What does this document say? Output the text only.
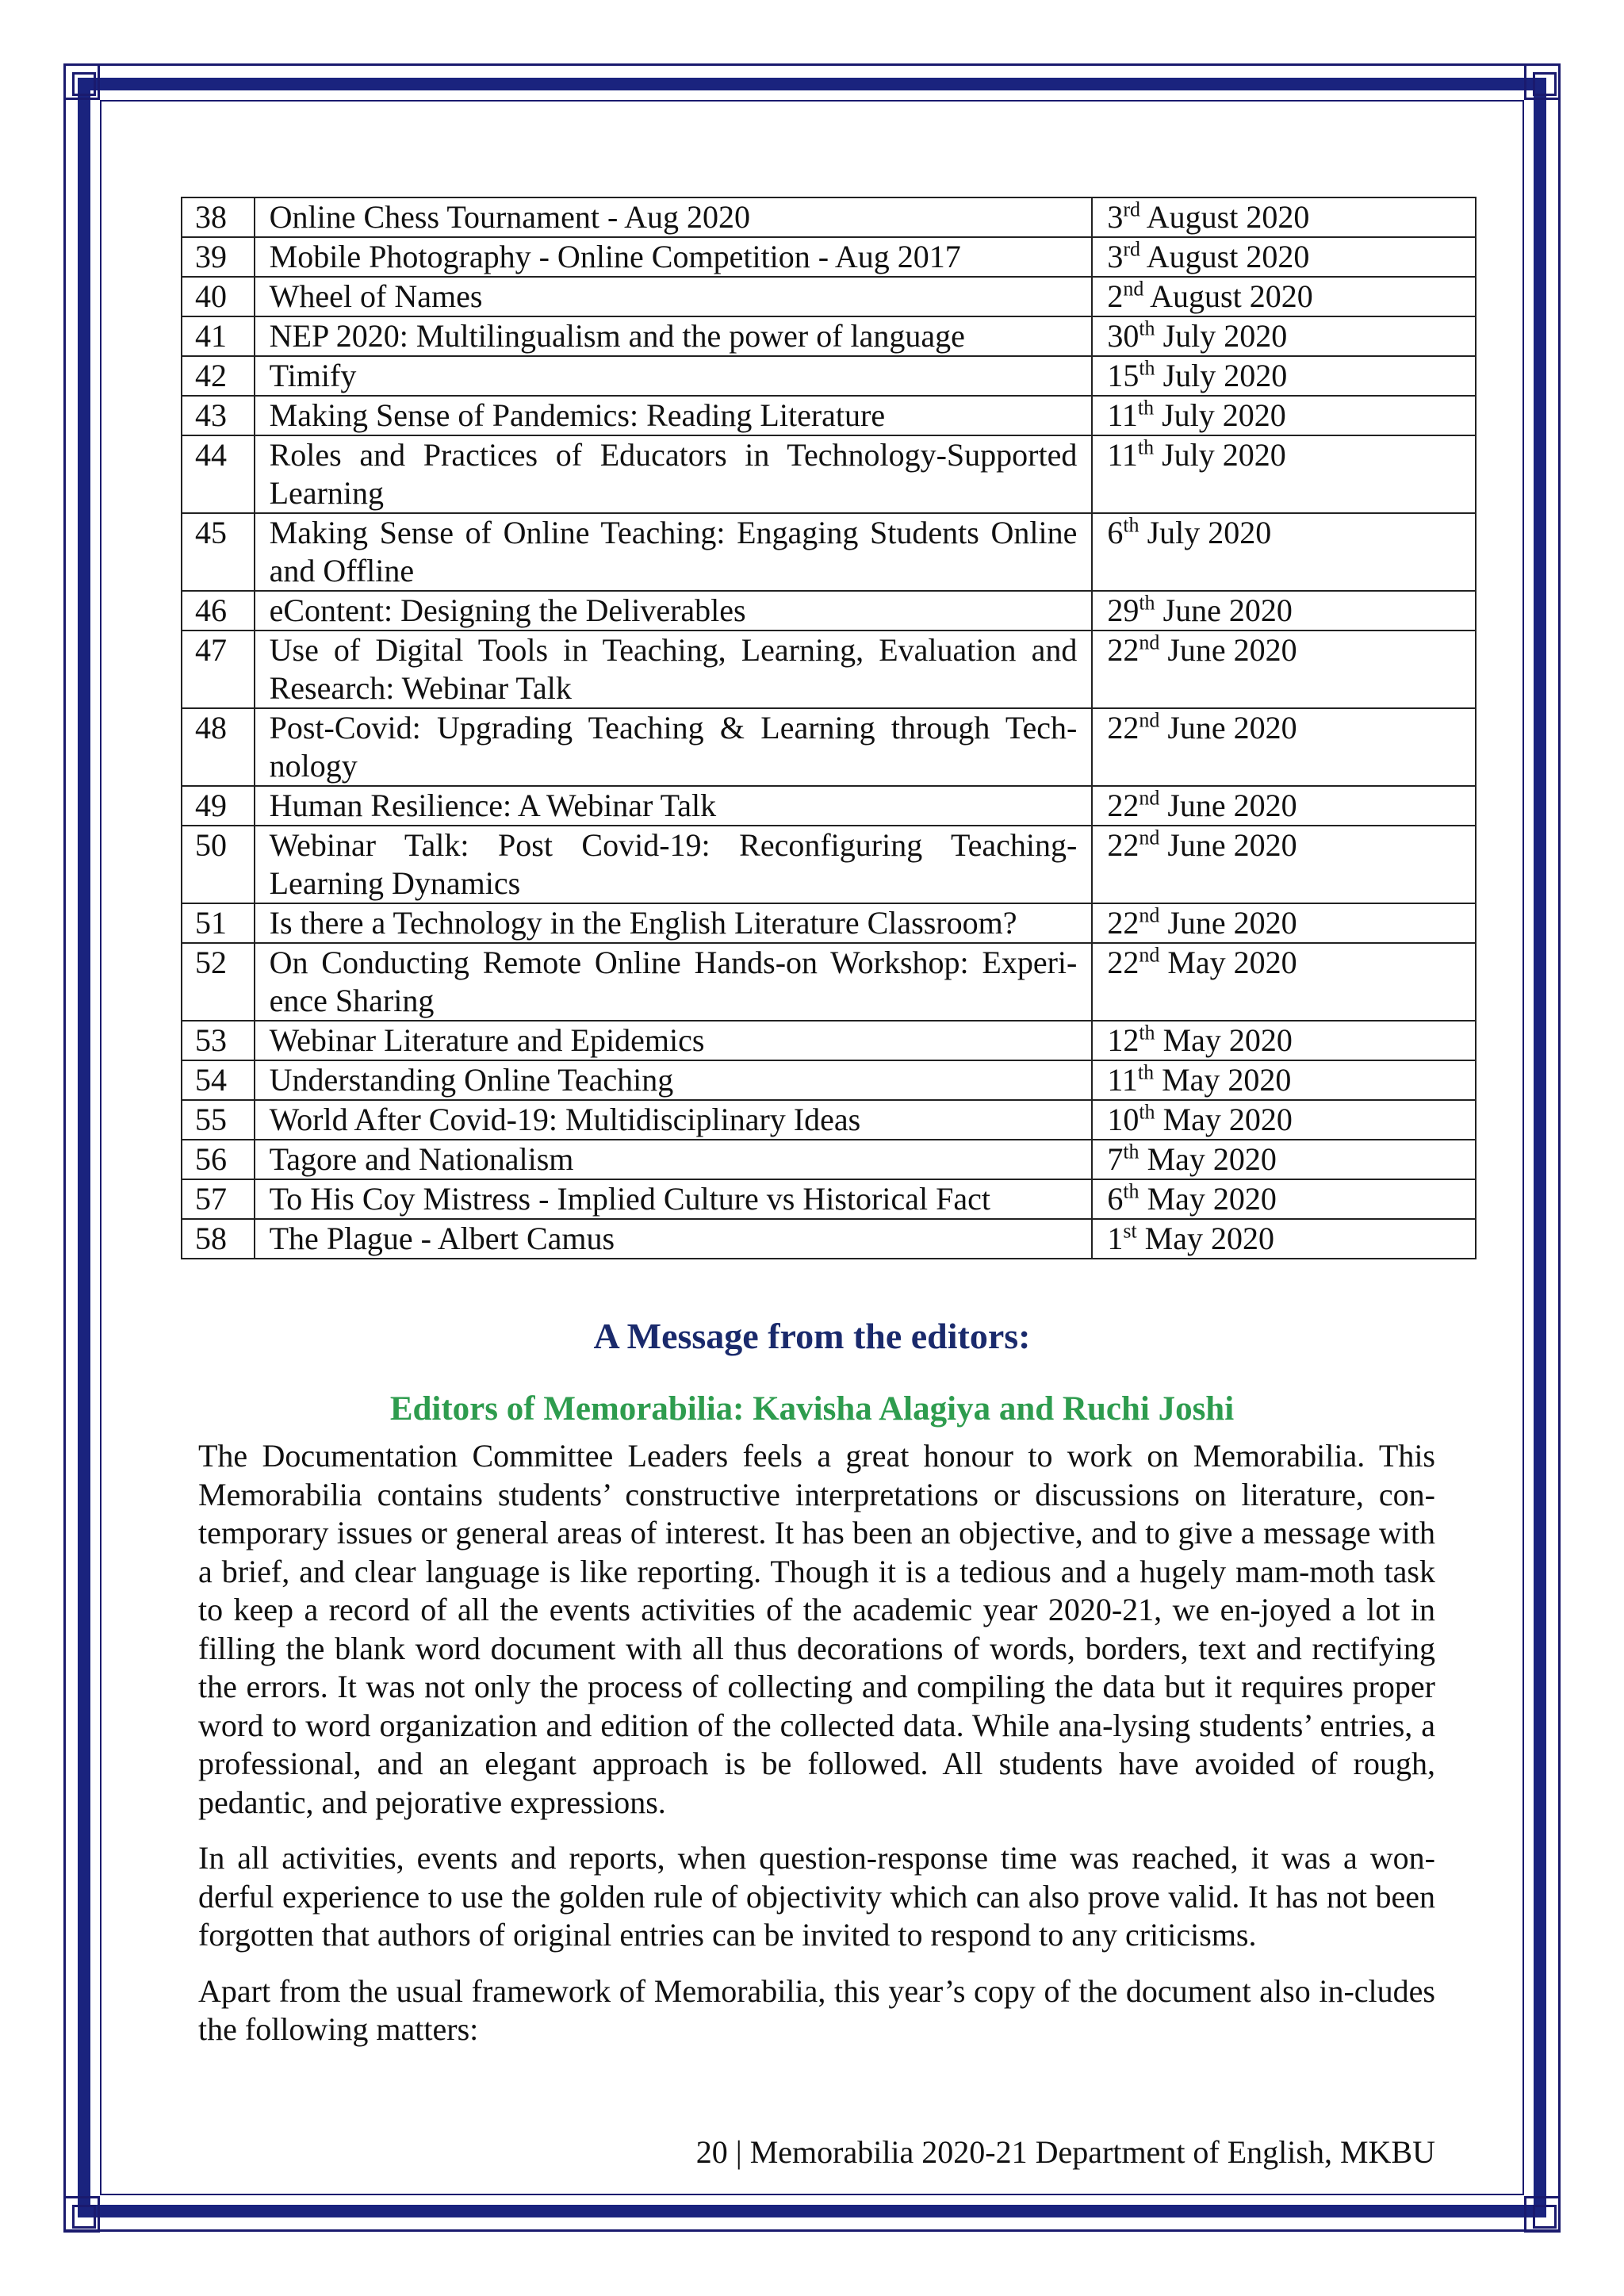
38	Online Chess Tournament - Aug 2020	3rd August 2020
39	Mobile Photography - Online Competition - Aug 2017	3rd August 2020
40	Wheel of Names	2nd August 2020
41	NEP 2020: Multilingualism and the power of language	30th July 2020
42	Timify	15th July 2020
43	Making Sense of Pandemics: Reading Literature	11th July 2020
44	Roles and Practices of Educators in Technology-Supported Learning	11th July 2020
45	Making Sense of Online Teaching: Engaging Students Online and Offline	6th July 2020
46	eContent: Designing the Deliverables	29th June 2020
47	Use of Digital Tools in Teaching, Learning, Evaluation and Research: Webinar Talk	22nd June 2020
48	Post-Covid: Upgrading Teaching & Learning through Tech-nology	22nd June 2020
49	Human Resilience: A Webinar Talk	22nd June 2020
50	Webinar Talk: Post Covid-19: Reconfiguring Teaching-Learning Dynamics	22nd June 2020
51	Is there a Technology in the English Literature Classroom?	22nd June 2020
52	On Conducting Remote Online Hands-on Workshop: Experi-ence Sharing	22nd May 2020
53	Webinar Literature and Epidemics	12th May 2020
54	Understanding Online Teaching	11th May 2020
55	World After Covid-19: Multidisciplinary Ideas	10th May 2020
56	Tagore and Nationalism	7th May 2020
57	To His Coy Mistress - Implied Culture vs Historical Fact	6th May 2020
58	The Plague - Albert Camus	1st May 2020
A Message from the editors:
Editors of Memorabilia: Kavisha Alagiya and Ruchi Joshi

The Documentation Committee Leaders feels a great honour to work on Memorabilia. This Memorabilia contains students’ constructive interpretations or discussions on literature, con-temporary issues or general areas of interest. It has been an objective, and to give a message with a brief, and clear language is like reporting. Though it is a tedious and a hugely mam-moth task to keep a record of all the events activities of the academic year 2020-21, we en-joyed a lot in filling the blank word document with all thus decorations of words, borders, text and rectifying the errors. It was not only the process of collecting and compiling the data but it requires proper word to word organization and edition of the collected data. While ana-lysing students’ entries, a professional, and an elegant approach is be followed. All students have avoided of rough, pedantic, and pejorative expressions.

In all activities, events and reports, when question-response time was reached, it was a won-derful experience to use the golden rule of objectivity which can also prove valid. It has not been forgotten that authors of original entries can be invited to respond to any criticisms.

Apart from the usual framework of Memorabilia, this year’s copy of the document also in-cludes the following matters:

20 | Memorabilia 2020-21 Department of English, MKBU
